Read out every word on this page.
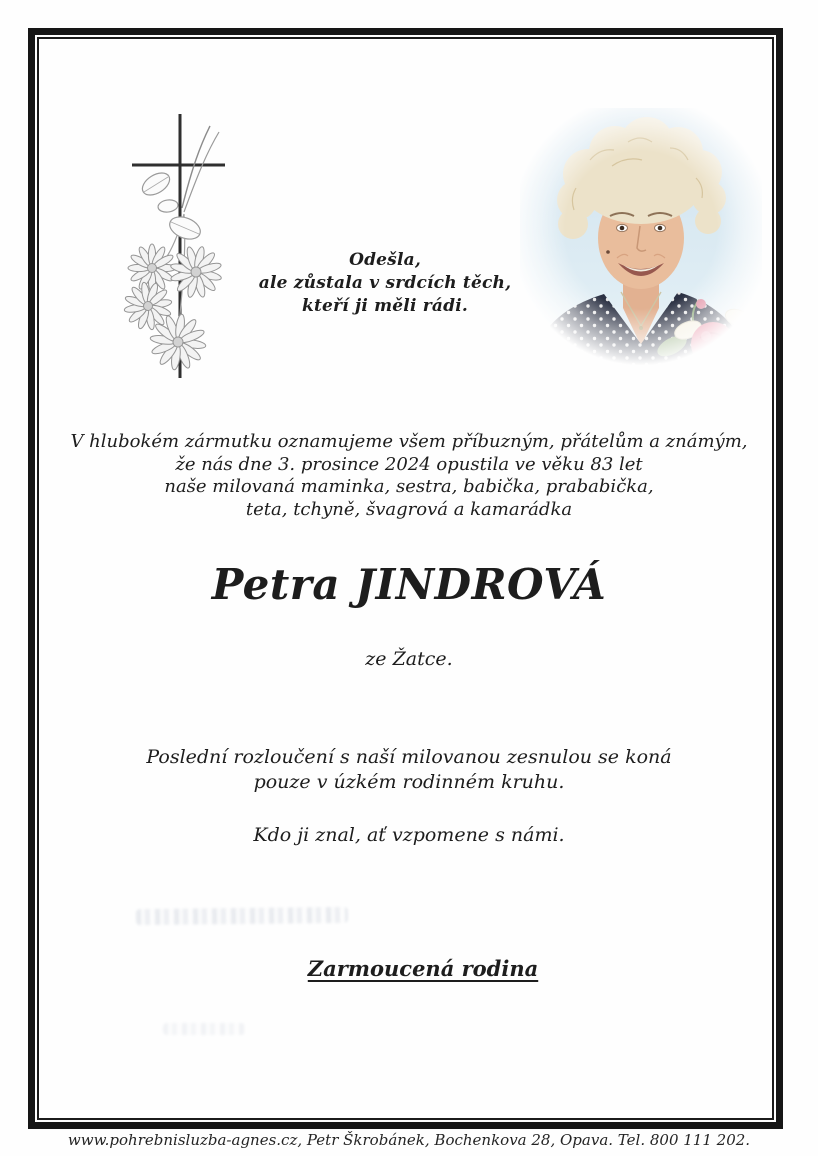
Odešla,
ale zůstala v srdcích těch,
kteří ji měli rádi.
V hlubokém zármutku oznamujeme všem příbuzným, přátelům a známým,
že nás dne 3. prosince 2024 opustila ve věku 83 let
naše milovaná maminka, sestra, babička, prababička,
teta, tchyně, švagrová a kamarádka
Petra JINDROVÁ
ze Žatce.
Poslední rozloučení s naší milovanou zesnulou se koná
pouze v úzkém rodinném kruhu.
Kdo ji znal, ať vzpomene s námi.
Zarmoucená rodina
www.pohrebnisluzba-agnes.cz, Petr Škrobánek, Bochenkova 28, Opava. Tel. 800 111 202.
